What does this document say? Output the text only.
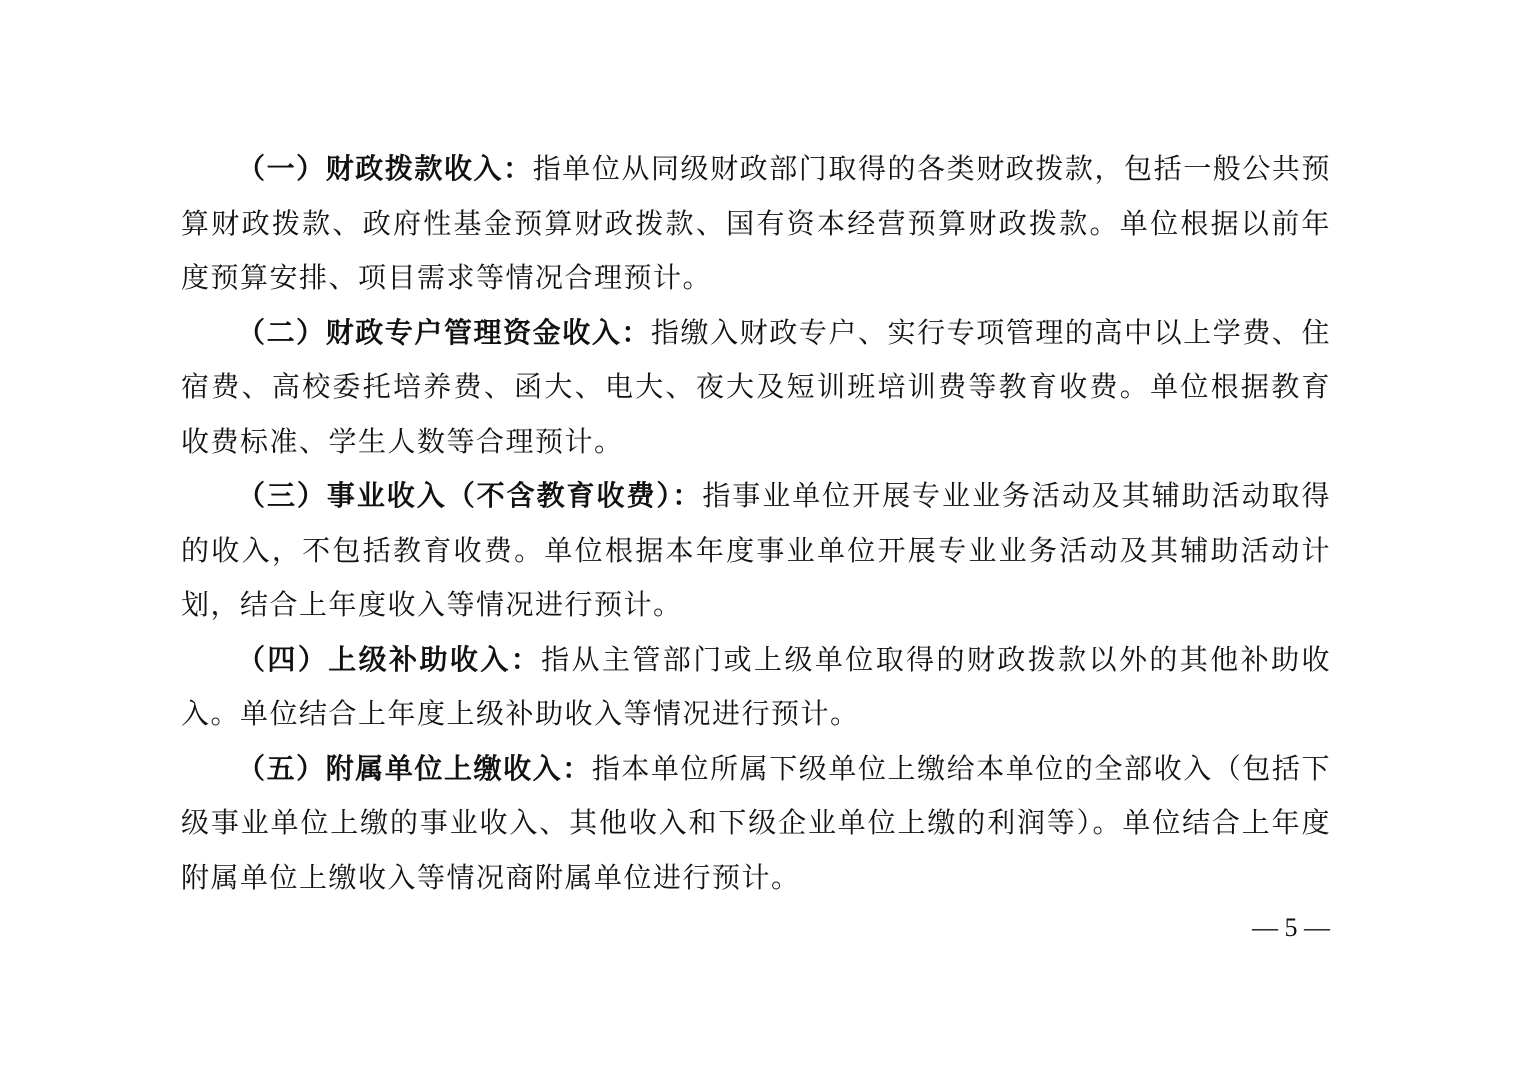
（一）财政拨款收入：指单位从同级财政部门取得的各类财政拨款，包括一般公共预算财政拨款、政府性基金预算财政拨款、国有资本经营预算财政拨款。单位根据以前年度预算安排、项目需求等情况合理预计。

（二）财政专户管理资金收入：指缴入财政专户、实行专项管理的高中以上学费、住宿费、高校委托培养费、函大、电大、夜大及短训班培训费等教育收费。单位根据教育收费标准、学生人数等合理预计。

（三）事业收入（不含教育收费）：指事业单位开展专业业务活动及其辅助活动取得的收入，不包括教育收费。单位根据本年度事业单位开展专业业务活动及其辅助活动计划，结合上年度收入等情况进行预计。

（四）上级补助收入：指从主管部门或上级单位取得的财政拨款以外的其他补助收入。单位结合上年度上级补助收入等情况进行预计。

（五）附属单位上缴收入：指本单位所属下级单位上缴给本单位的全部收入（包括下级事业单位上缴的事业收入、其他收入和下级企业单位上缴的利润等）。单位结合上年度附属单位上缴收入等情况商附属单位进行预计。

— 5 —
